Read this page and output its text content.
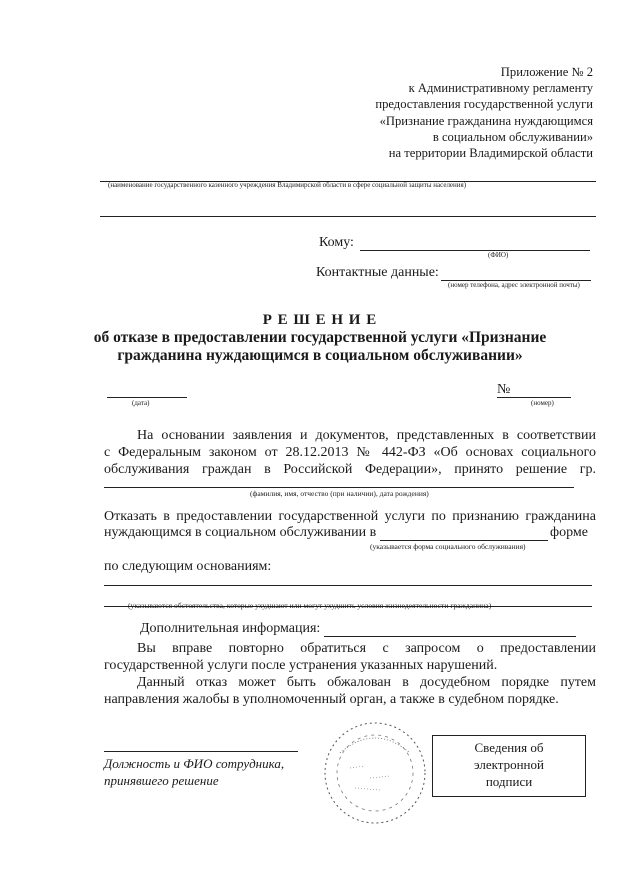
Приложение № 2
к Административному регламенту
предоставления государственной услуги
«Признание гражданина нуждающимся
в социальном обслуживании»
на территории Владимирской области
(наименование государственного казенного учреждения Владимирской области в сфере социальной защиты населения)
Кому:
(ФИО)
Контактные данные:
(номер телефона, адрес электронной почты)
Р Е Ш Е Н И Е
об отказе в предоставлении государственной услуги «Признание
гражданина нуждающимся в социальном обслуживании»
(дата)
№
(номер)
На основании заявления и документов, представленных в соответствии
с Федеральным законом от 28.12.2013 № 442-ФЗ «Об основах социального
обслуживания граждан в Российской Федерации», принято решение гр.
(фамилия, имя, отчество (при наличии), дата рождения)
Отказать в предоставлении государственной услуги по признанию гражданина
нуждающимся в социальном обслуживании в	форме
(указывается форма социального обслуживания)
по следующим основаниям:
(указываются обстоятельства, которые ухудшают или могут ухудшить условия жизнедеятельности гражданина)
Дополнительная информация:
Вы вправе повторно обратиться с запросом о предоставлении
государственной услуги после устранения указанных нарушений.
Данный отказ может быть обжалован в досудебном порядке путем
направления жалобы в уполномоченный орган, а также в судебном порядке.
Должность и ФИО сотрудника,
принявшего решение
Сведения об
электронной
подписи
